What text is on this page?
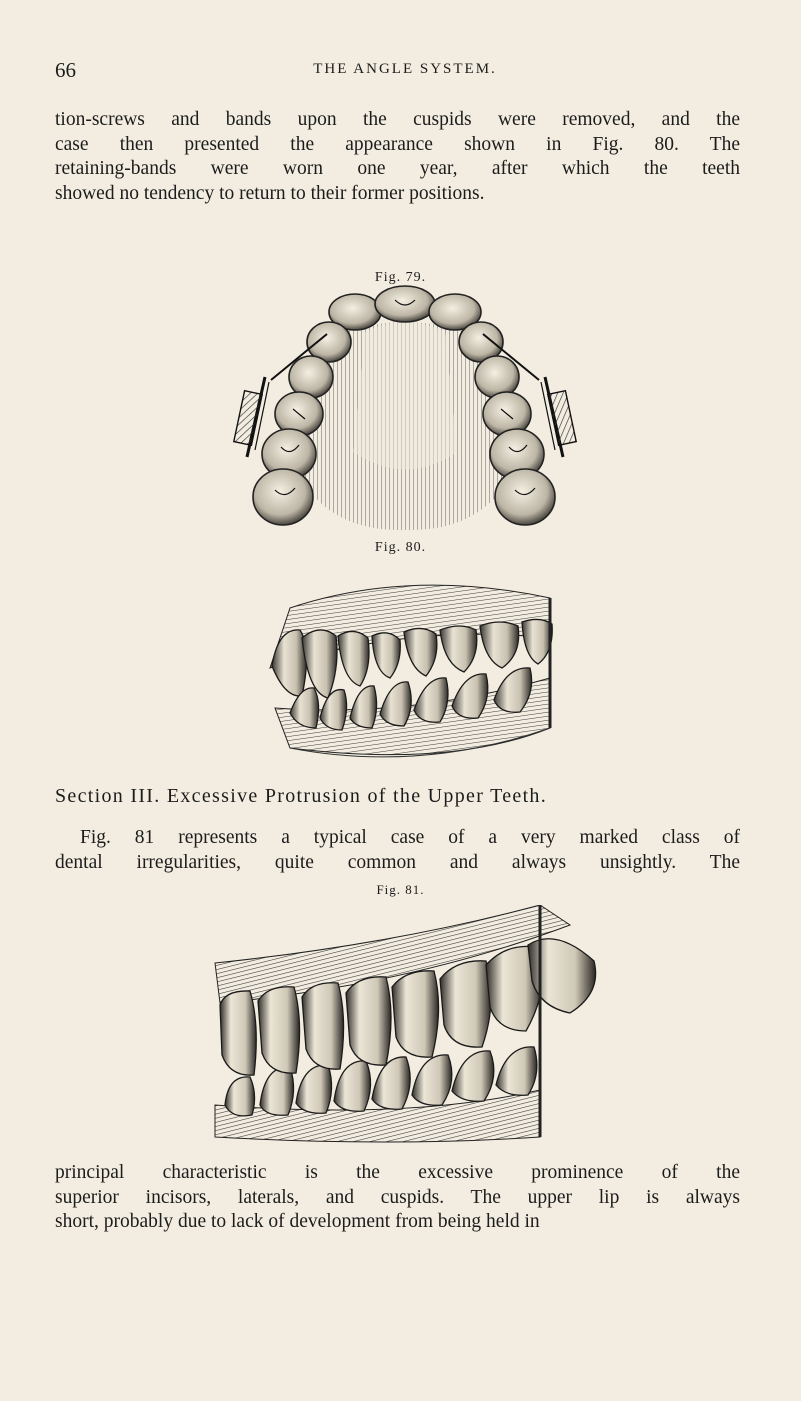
66	THE ANGLE SYSTEM.
tion-screws and bands upon the cuspids were removed, and the
case then presented the appearance shown in Fig. 80. The
retaining-bands were worn one year, after which the teeth
showed no tendency to return to their former positions.
Fig. 79.
Fig. 80.
Section III. Excessive Protrusion of the Upper Teeth.
Fig. 81 represents a typical case of a very marked class of
dental irregularities, quite common and always unsightly. The
Fig. 81.
principal characteristic is the excessive prominence of the
superior incisors, laterals, and cuspids. The upper lip is always
short, probably due to lack of development from being held in
